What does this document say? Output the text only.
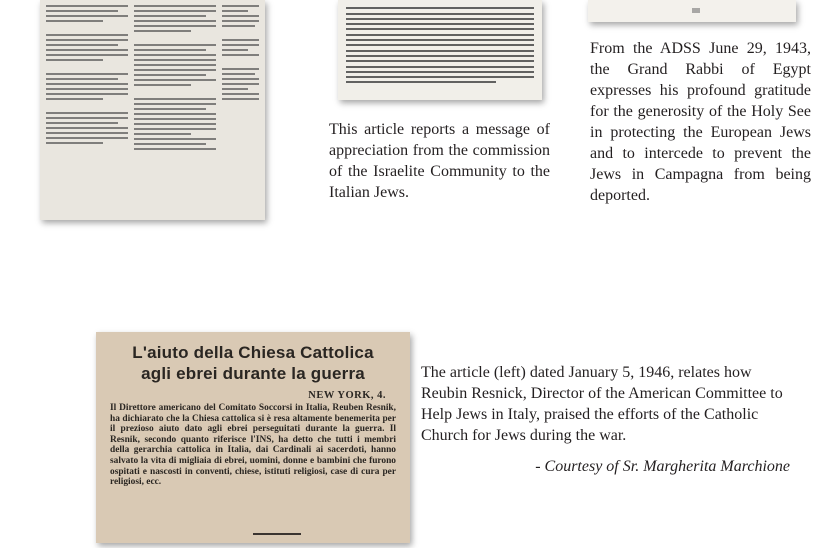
This article reports a message of appreciation from the commission of the Israelite Community to the Italian Jews.

From the ADSS June 29, 1943, the Grand Rabbi of Egypt expresses his profound gratitude for the generosity of the Holy See in protecting the European Jews and to intercede to prevent the Jews in Campagna from being deported.

L'aiuto della Chiesa Cattolica
agli ebrei durante la guerra
NEW YORK, 4.
Il Direttore americano del Comitato Soccorsi in Italia, Reuben Resnik, ha dichiarato che la Chiesa cattolica si è resa altamente benemerita per il prezioso aiuto dato agli ebrei perseguitati durante la guerra. Il Resnik, secondo quanto riferisce l'INS, ha detto che tutti i membri della gerarchia cattolica in Italia, dai Cardinali ai sacerdoti, hanno salvato la vita di migliaia di ebrei, uomini, donne e bambini che furono ospitati e nascosti in conventi, chiese, istituti religiosi, case di cura per religiosi, ecc.

The article (left) dated January 5, 1946, relates how Reubin Resnick, Director of the American Committee to Help Jews in Italy, praised the efforts of the Catholic Church for Jews during the war.

- Courtesy of Sr. Margherita Marchione
